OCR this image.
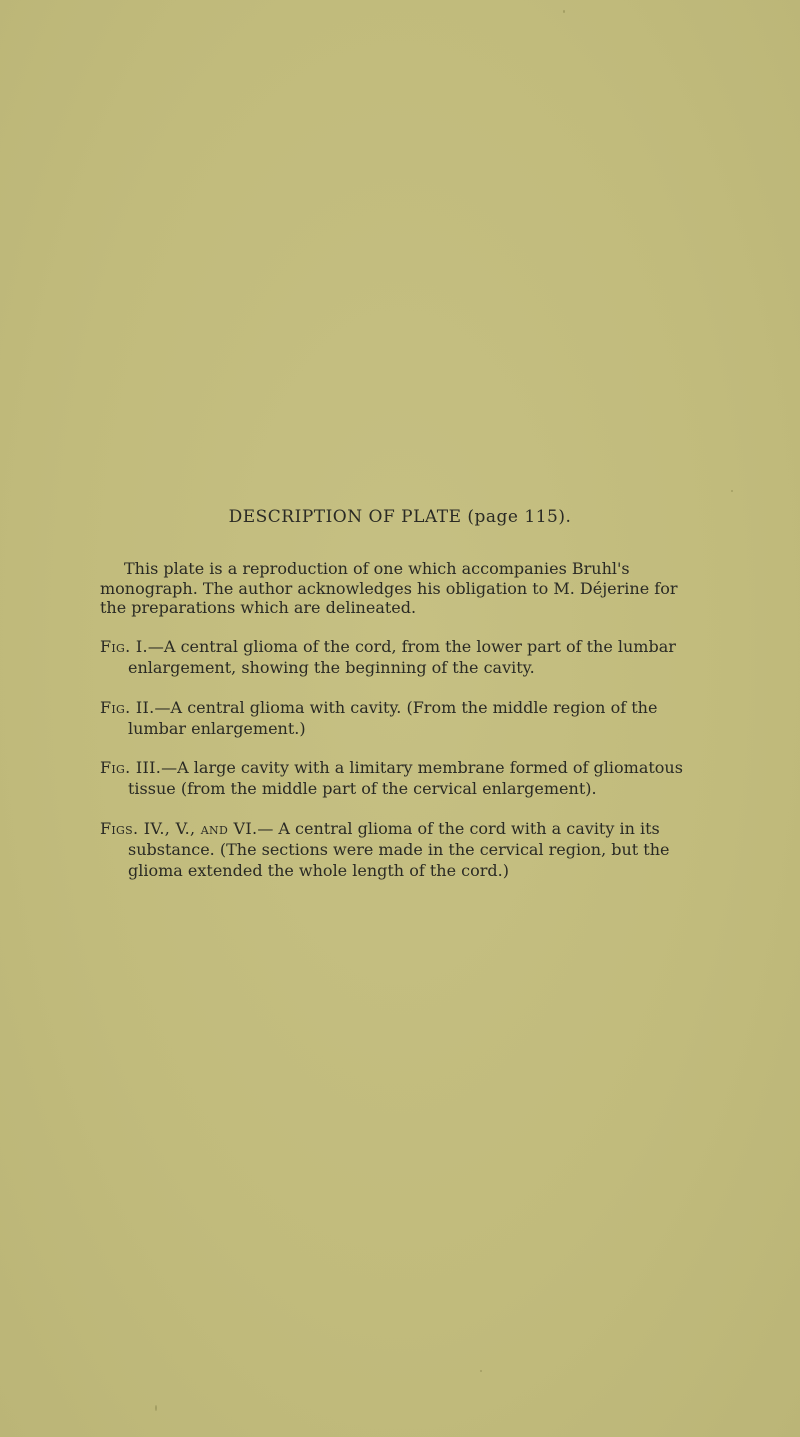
DESCRIPTION OF PLATE (page 115).
This plate is a reproduction of one which accompanies Bruhl's monograph. The author acknowledges his obligation to M. Déjerine for the preparations which are delineated.
Fig. I.—A central glioma of the cord, from the lower part of the lumbar enlargement, showing the beginning of the cavity.
Fig. II.—A central glioma with cavity. (From the middle region of the lumbar enlargement.)
Fig. III.—A large cavity with a limitary membrane formed of gliomatous tissue (from the middle part of the cervical enlargement).
Figs. IV., V., and VI.— A central glioma of the cord with a cavity in its substance. (The sections were made in the cervical region, but the glioma extended the whole length of the cord.)
